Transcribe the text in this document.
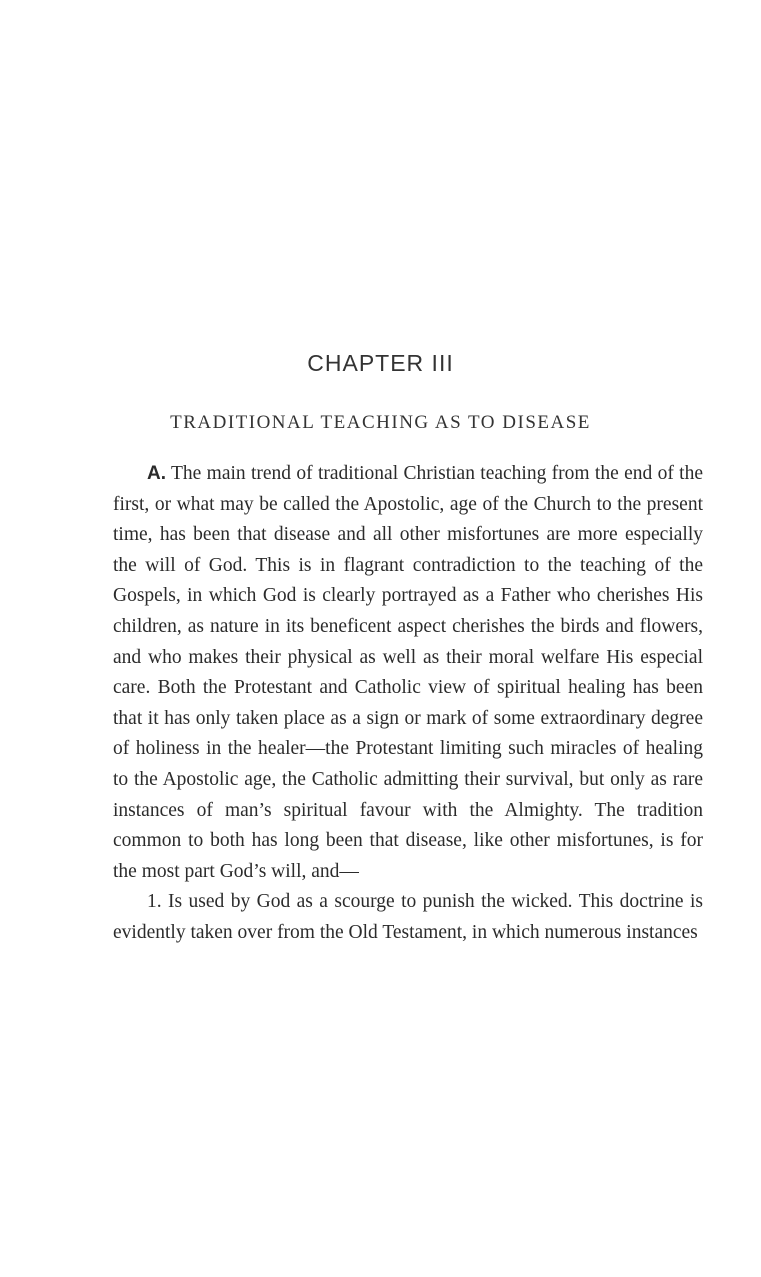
CHAPTER III
TRADITIONAL TEACHING AS TO DISEASE

A. The main trend of traditional Christian teaching from the end of the first, or what may be called the Apostolic, age of the Church to the present time, has been that disease and all other misfortunes are more especially the will of God. This is in flagrant contradiction to the teaching of the Gospels, in which God is clearly portrayed as a Father who cherishes His children, as nature in its beneficent aspect cherishes the birds and flowers, and who makes their physical as well as their moral welfare His especial care. Both the Protestant and Catholic view of spiritual healing has been that it has only taken place as a sign or mark of some extraordinary degree of holiness in the healer—the Protestant limiting such miracles of healing to the Apostolic age, the Catholic admitting their survival, but only as rare instances of man’s spiritual favour with the Almighty. The tradition common to both has long been that disease, like other misfortunes, is for the most part God’s will, and—

1. Is used by God as a scourge to punish the wicked. This doctrine is evidently taken over from the Old Testament, in which numerous instances
